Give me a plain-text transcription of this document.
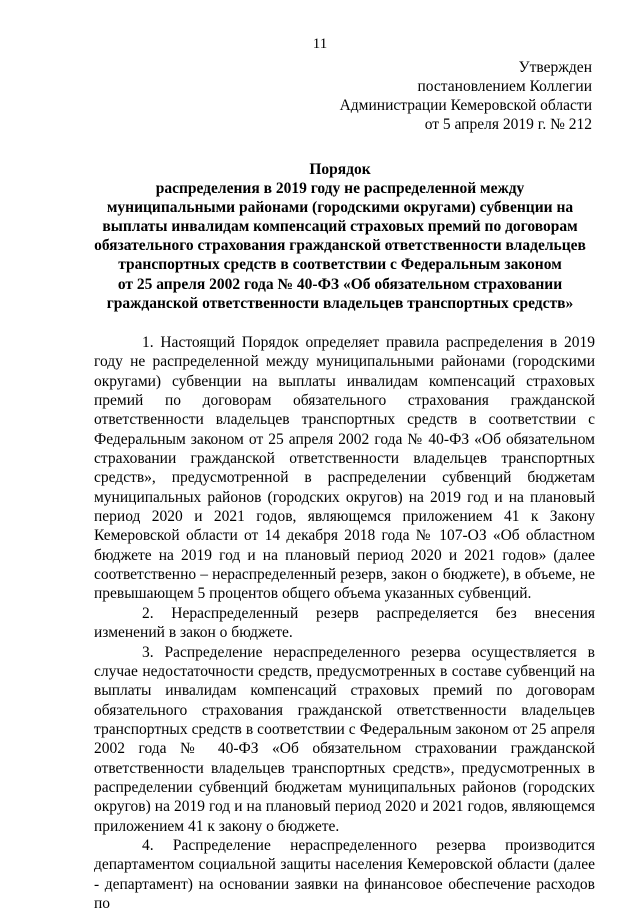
11
Утвержден
постановлением Коллегии
Администрации Кемеровской области
от 5 апреля 2019 г. № 212
Порядок
распределения в 2019 году не распределенной между
муниципальными районами (городскими округами) субвенции на
выплаты инвалидам компенсаций страховых премий по договорам
обязательного страхования гражданской ответственности владельцев
транспортных средств в соответствии с Федеральным законом
от 25 апреля 2002 года № 40-ФЗ «Об обязательном страховании
гражданской ответственности владельцев транспортных средств»

1. Настоящий Порядок определяет правила распределения в 2019 году не распределенной между муниципальными районами (городскими округами) субвенции на выплаты инвалидам компенсаций страховых премий по договорам обязательного страхования гражданской ответственности владельцев транспортных средств в соответствии с Федеральным законом от 25 апреля 2002 года № 40-ФЗ «Об обязательном страховании гражданской ответственности владельцев транспортных средств», предусмотренной в распределении субвенций бюджетам муниципальных районов (городских округов) на 2019 год и на плановый период 2020 и 2021 годов, являющемся приложением 41 к Закону Кемеровской области от 14 декабря 2018 года № 107-ОЗ «Об областном бюджете на 2019 год и на плановый период 2020 и 2021 годов» (далее соответственно – нераспределенный резерв, закон о бюджете), в объеме, не превышающем 5 процентов общего объема указанных субвенций.

2. Нераспределенный резерв распределяется без внесения изменений в закон о бюджете.

3. Распределение нераспределенного резерва осуществляется в случае недостаточности средств, предусмотренных в составе субвенций на выплаты инвалидам компенсаций страховых премий по договорам обязательного страхования гражданской ответственности владельцев транспортных средств в соответствии с Федеральным законом от 25 апреля 2002 года № 40-ФЗ «Об обязательном страховании гражданской ответственности владельцев транспортных средств», предусмотренных в распределении субвенций бюджетам муниципальных районов (городских округов) на 2019 год и на плановый период 2020 и 2021 годов, являющемся приложением 41 к закону о бюджете.

4. Распределение нераспределенного резерва производится департаментом социальной защиты населения Кемеровской области (далее - департамент) на основании заявки на финансовое обеспечение расходов по
